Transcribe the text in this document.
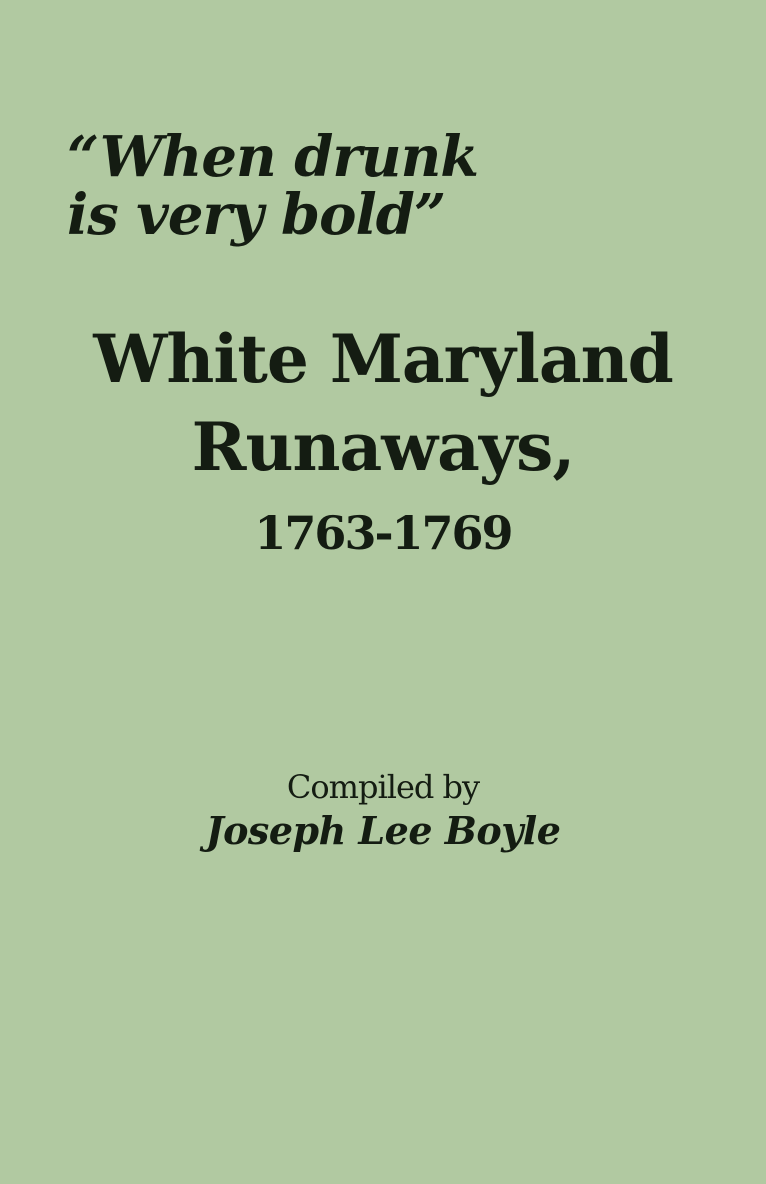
“When drunk
is very bold”
White Maryland
Runaways,
1763-1769
Compiled by
Joseph Lee Boyle
